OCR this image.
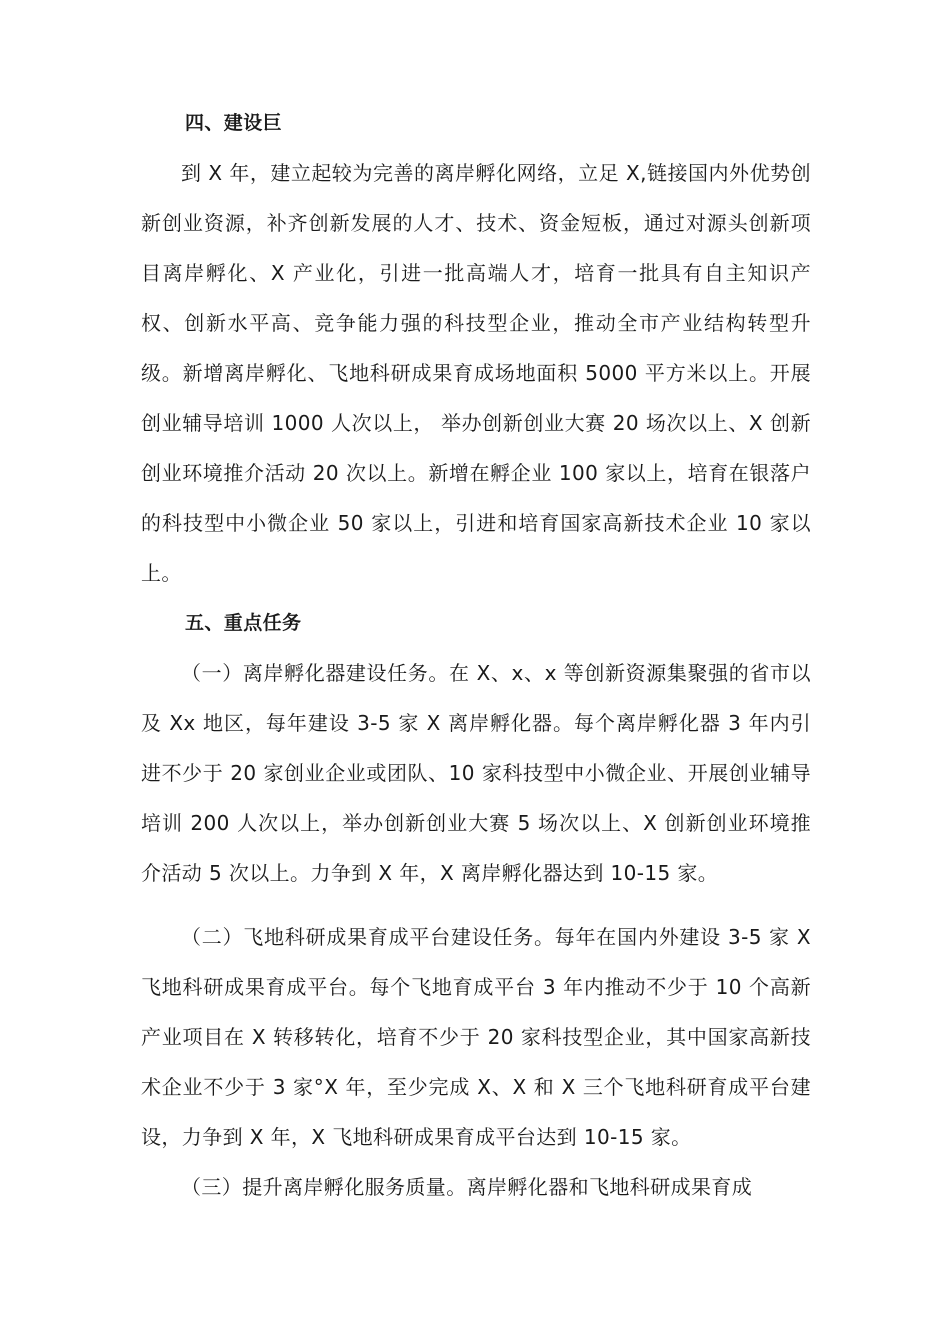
四、建设巨

到 X 年，建立起较为完善的离岸孵化网络，立足 X,链接国内外优势创新创业资源，补齐创新发展的人才、技术、资金短板，通过对源头创新项目离岸孵化、X 产业化，引进一批高端人才，培育一批具有自主知识产权、创新水平高、竞争能力强的科技型企业，推动全市产业结构转型升级。新增离岸孵化、飞地科研成果育成场地面积 5000 平方米以上。开展创业辅导培训 1000 人次以上， 举办创新创业大赛 20 场次以上、X 创新创业环境推介活动 20 次以上。新增在孵企业 100 家以上，培育在银落户的科技型中小微企业 50 家以上，引进和培育国家高新技术企业 10 家以上。

五、重点任务

（一）离岸孵化器建设任务。在 X、x、x 等创新资源集聚强的省市以及 Xx 地区，每年建设 3-5 家 X 离岸孵化器。每个离岸孵化器 3 年内引进不少于 20 家创业企业或团队、10 家科技型中小微企业、开展创业辅导培训 200 人次以上，举办创新创业大赛 5 场次以上、X 创新创业环境推介活动 5 次以上。力争到 X 年，X 离岸孵化器达到 10-15 家。

（二）飞地科研成果育成平台建设任务。每年在国内外建设 3-5 家 X 飞地科研成果育成平台。每个飞地育成平台 3 年内推动不少于 10 个高新产业项目在 X 转移转化，培育不少于 20 家科技型企业，其中国家高新技术企业不少于 3 家°X 年，至少完成 X、X 和 X 三个飞地科研育成平台建设，力争到 X 年，X 飞地科研成果育成平台达到 10-15 家。

（三）提升离岸孵化服务质量。离岸孵化器和飞地科研成果育成
